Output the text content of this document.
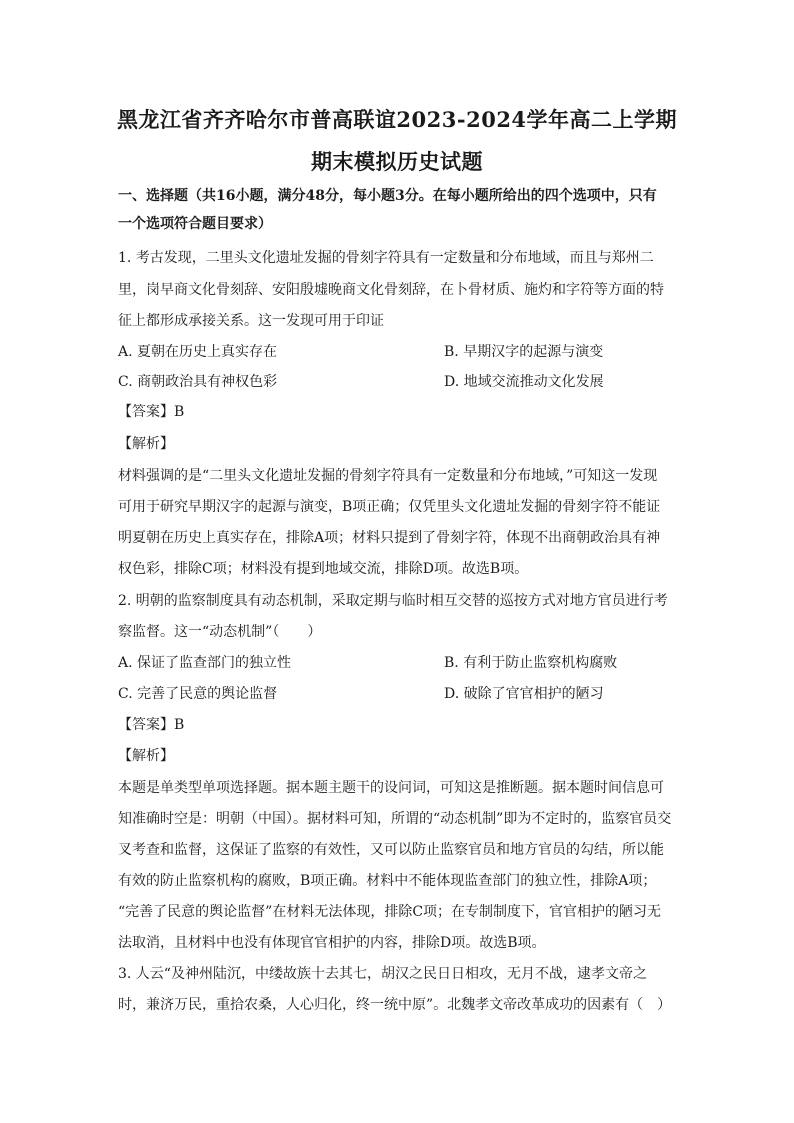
黑龙江省齐齐哈尔市普高联谊2023-2024学年高二上学期
期末模拟历史试题
一、选择题（共16小题，满分48分，每小题3分。在每小题所给出的四个选项中，只有
一个选项符合题目要求）
1. 考古发现，二里头文化遗址发掘的骨刻字符具有一定数量和分布地域，而且与郑州二
里，岗早商文化骨刻辞、安阳殷墟晚商文化骨刻辞，在卜骨材质、施灼和字符等方面的特
征上都形成承接关系。这一发现可用于印证
A. 夏朝在历史上真实存在	B. 早期汉字的起源与演变
C. 商朝政治具有神权色彩	D. 地域交流推动文化发展
【答案】B
【解析】
材料强调的是“二里头文化遗址发掘的骨刻字符具有一定数量和分布地域，”可知这一发现
可用于研究早期汉字的起源与演变，B项正确；仅凭里头文化遗址发掘的骨刻字符不能证
明夏朝在历史上真实存在，排除A项；材料只提到了骨刻字符，体现不出商朝政治具有神
权色彩，排除C项；材料没有提到地域交流，排除D项。故选B项。
2. 明朝的监察制度具有动态机制，采取定期与临时相互交替的巡按方式对地方官员进行考
察监督。这一“动态机制”（　　）
A. 保证了监查部门的独立性	B. 有利于防止监察机构腐败
C. 完善了民意的舆论监督	D. 破除了官官相护的陋习
【答案】B
【解析】
本题是单类型单项选择题。据本题主题干的设问词，可知这是推断题。据本题时间信息可
知准确时空是：明朝（中国）。据材料可知，所谓的“动态机制”即为不定时的，监察官员交
叉考查和监督，这保证了监察的有效性，又可以防止监察官员和地方官员的勾结，所以能
有效的防止监察机构的腐败，B项正确。材料中不能体现监查部门的独立性，排除A项；
“完善了民意的舆论监督”在材料无法体现，排除C项；在专制制度下，官官相护的陋习无
法取消，且材料中也没有体现官官相护的内容，排除D项。故选B项。
3. 人云“及神州陆沉，中缕故族十去其七，胡汉之民日日相攻，无月不战，逮孝文帝之
时，兼济万民，重拾农桑，人心归化，终一统中原”。北魏孝文帝改革成功的因素有（　）
